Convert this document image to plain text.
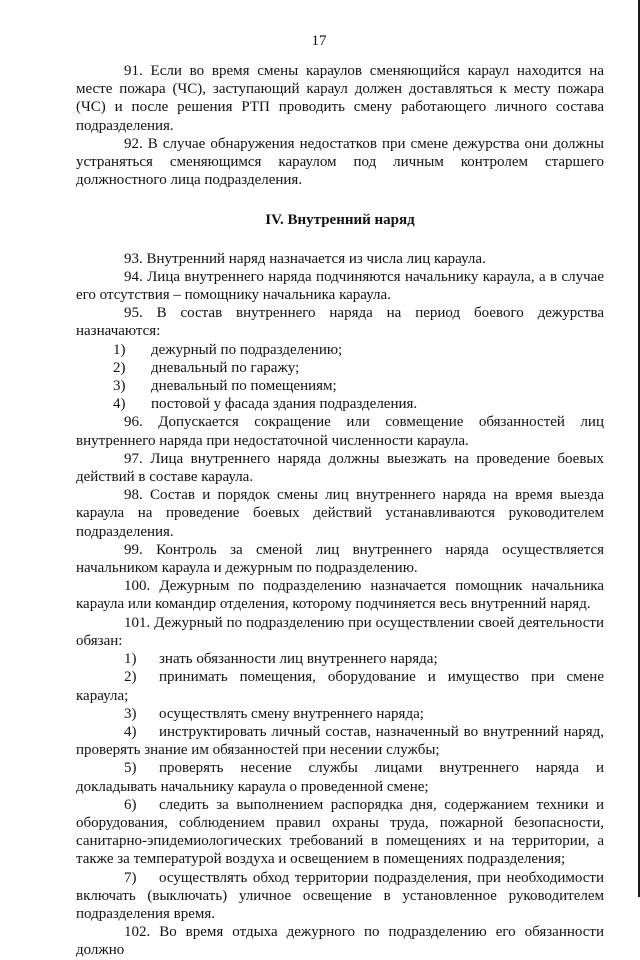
17

91. Если во время смены караулов сменяющийся караул находится на месте пожара (ЧС), заступающий караул должен доставляться к месту пожара (ЧС) и после решения РТП проводить смену работающего личного состава подразделения.

92. В случае обнаружения недостатков при смене дежурства они должны устраняться сменяющимся караулом под личным контролем старшего должностного лица подразделения.

IV. Внутренний наряд

93. Внутренний наряд назначается из числа лиц караула.

94. Лица внутреннего наряда подчиняются начальнику караула, а в случае его отсутствия – помощнику начальника караула.

95. В состав внутреннего наряда на период боевого дежурства назначаются:

1)	дежурный по подразделению;

2)	дневальный по гаражу;

3)	дневальный по помещениям;

4)	постовой у фасада здания подразделения.

96. Допускается сокращение или совмещение обязанностей лиц внутреннего наряда при недостаточной численности караула.

97. Лица внутреннего наряда должны выезжать на проведение боевых действий в составе караула.

98. Состав и порядок смены лиц внутреннего наряда на время выезда караула на проведение боевых действий устанавливаются руководителем подразделения.

99. Контроль за сменой лиц внутреннего наряда осуществляется начальником караула и дежурным по подразделению.

100. Дежурным по подразделению назначается помощник начальника караула или командир отделения, которому подчиняется весь внутренний наряд.

101. Дежурный по подразделению при осуществлении своей деятельности обязан:

1)   знать обязанности лиц внутреннего наряда;

2)   принимать помещения, оборудование и имущество при смене караула;

3)   осуществлять смену внутреннего наряда;

4)   инструктировать личный состав, назначенный во внутренний наряд, проверять знание им обязанностей при несении службы;

5)   проверять несение службы лицами внутреннего наряда и докладывать начальнику караула о проведенной смене;

6)   следить за выполнением распорядка дня, содержанием техники и оборудования, соблюдением правил охраны труда, пожарной безопасности, санитарно-эпидемиологических требований в помещениях и на территории, а также за температурой воздуха и освещением в помещениях подразделения;

7)   осуществлять обход территории подразделения, при необходимости включать (выключать) уличное освещение в установленное руководителем подразделения время.

102. Во время отдыха дежурного по подразделению его обязанности должно
